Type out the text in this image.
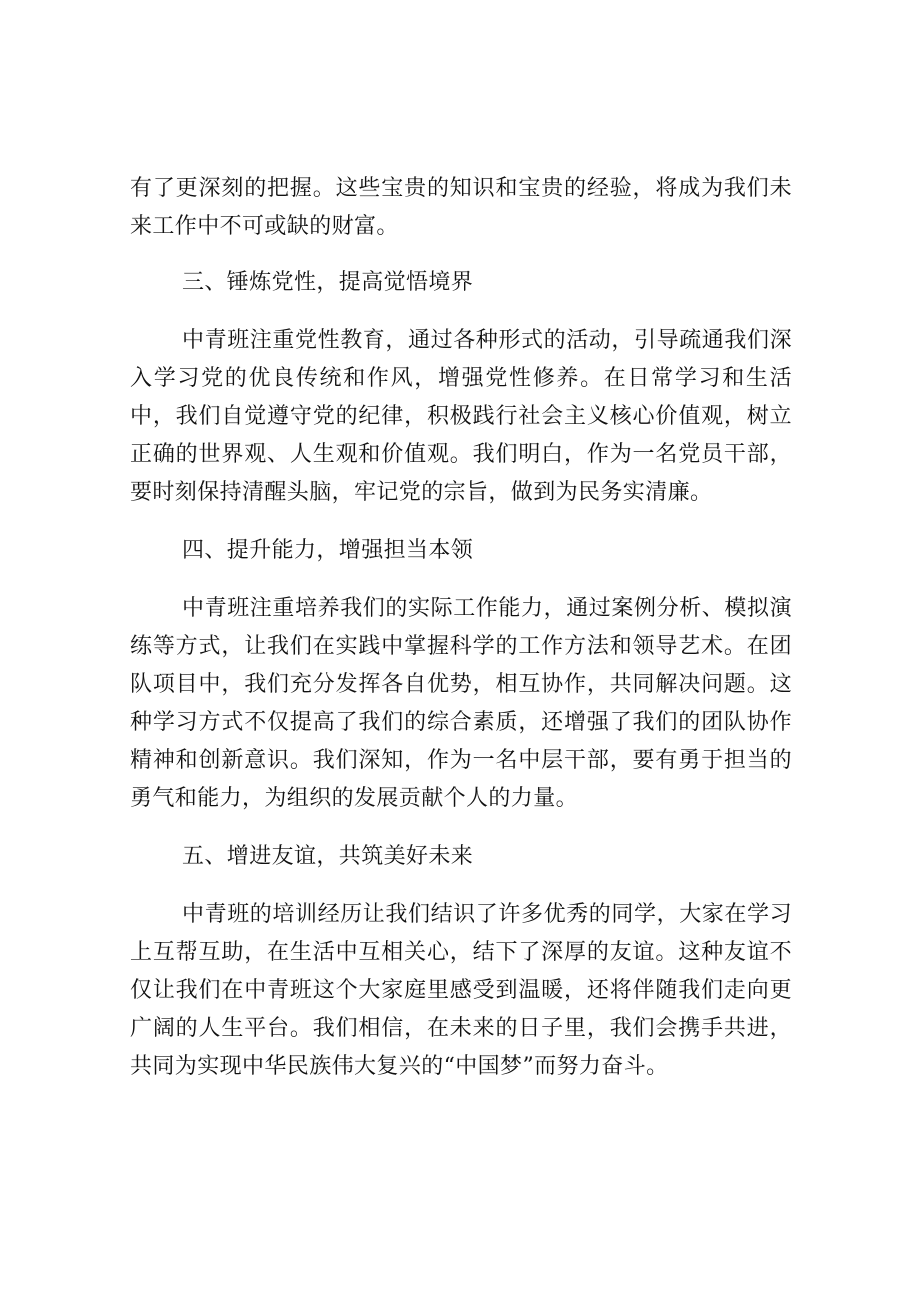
有了更深刻的把握。这些宝贵的知识和宝贵的经验，将成为我们未来工作中不可或缺的财富。

三、锤炼党性，提高觉悟境界

中青班注重党性教育，通过各种形式的活动，引导疏通我们深入学习党的优良传统和作风，增强党性修养。在日常学习和生活中，我们自觉遵守党的纪律，积极践行社会主义核心价值观，树立正确的世界观、人生观和价值观。我们明白，作为一名党员干部，要时刻保持清醒头脑，牢记党的宗旨，做到为民务实清廉。

四、提升能力，增强担当本领

中青班注重培养我们的实际工作能力，通过案例分析、模拟演练等方式，让我们在实践中掌握科学的工作方法和领导艺术。在团队项目中，我们充分发挥各自优势，相互协作，共同解决问题。这种学习方式不仅提高了我们的综合素质，还增强了我们的团队协作精神和创新意识。我们深知，作为一名中层干部，要有勇于担当的勇气和能力，为组织的发展贡献个人的力量。

五、增进友谊，共筑美好未来

中青班的培训经历让我们结识了许多优秀的同学，大家在学习上互帮互助，在生活中互相关心，结下了深厚的友谊。这种友谊不仅让我们在中青班这个大家庭里感受到温暖，还将伴随我们走向更广阔的人生平台。我们相信，在未来的日子里，我们会携手共进，共同为实现中华民族伟大复兴的“中国梦”而努力奋斗。
